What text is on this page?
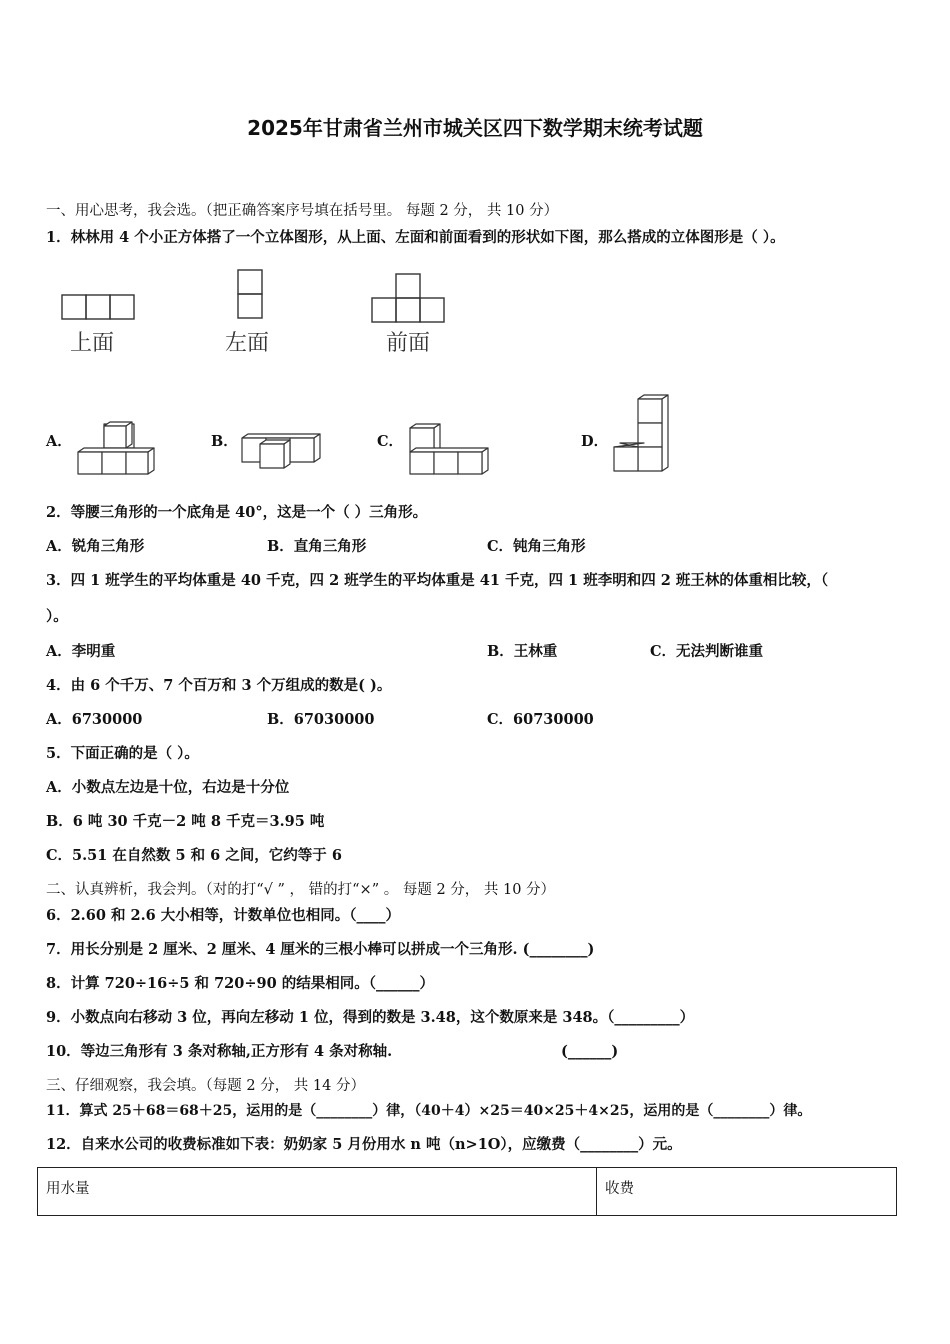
2025年甘肃省兰州市城关区四下数学期末统考试题
一、用心思考，我会选。（把正确答案序号填在括号里。 每题 2 分， 共 10 分）
1．林林用 4 个小正方体搭了一个立体图形，从上面、左面和前面看到的形状如下图，那么搭成的立体图形是（ ）。
上面	左面	前面
A．	B．	C．	D．
2．等腰三角形的一个底角是 40°，这是一个（ ）三角形。
A．锐角三角形	B．直角三角形	C．钝角三角形
3．四 1 班学生的平均体重是 40 千克，四 2 班学生的平均体重是 41 千克，四 1 班李明和四 2 班王林的体重相比较，（
）。
A．李明重	B．王林重	C．无法判断谁重
4．由 6 个千万、7 个百万和 3 个万组成的数是( )。
A．6730000	B．67030000	C．60730000
5．下面正确的是（ ）。
A．小数点左边是十位，右边是十分位
B．6 吨 30 千克－2 吨 8 千克＝3.95 吨
C．5.51 在自然数 5 和 6 之间，它约等于 6
二、认真辨析，我会判。（对的打“√ ” ， 错的打“×” 。 每题 2 分， 共 10 分）
6．2.60 和 2.6 大小相等，计数单位也相同。（____）
7．用长分别是 2 厘米、2 厘米、4 厘米的三根小棒可以拼成一个三角形. (________)
8．计算 720÷16÷5 和 720÷90 的结果相同。（______）
9．小数点向右移动 3 位，再向左移动 1 位，得到的数是 3.48，这个数原来是 348。（_________）
10．等边三角形有 3 条对称轴,正方形有 4 条对称轴.	(______)
三、仔细观察，我会填。（每题 2 分， 共 14 分）
11．算式 25＋68＝68＋25，运用的是（________）律，（40＋4）×25＝40×25＋4×25，运用的是（________）律。
12．自来水公司的收费标准如下表：奶奶家 5 月份用水 n 吨（n>1O），应缴费（________）元。
用水量	收费
